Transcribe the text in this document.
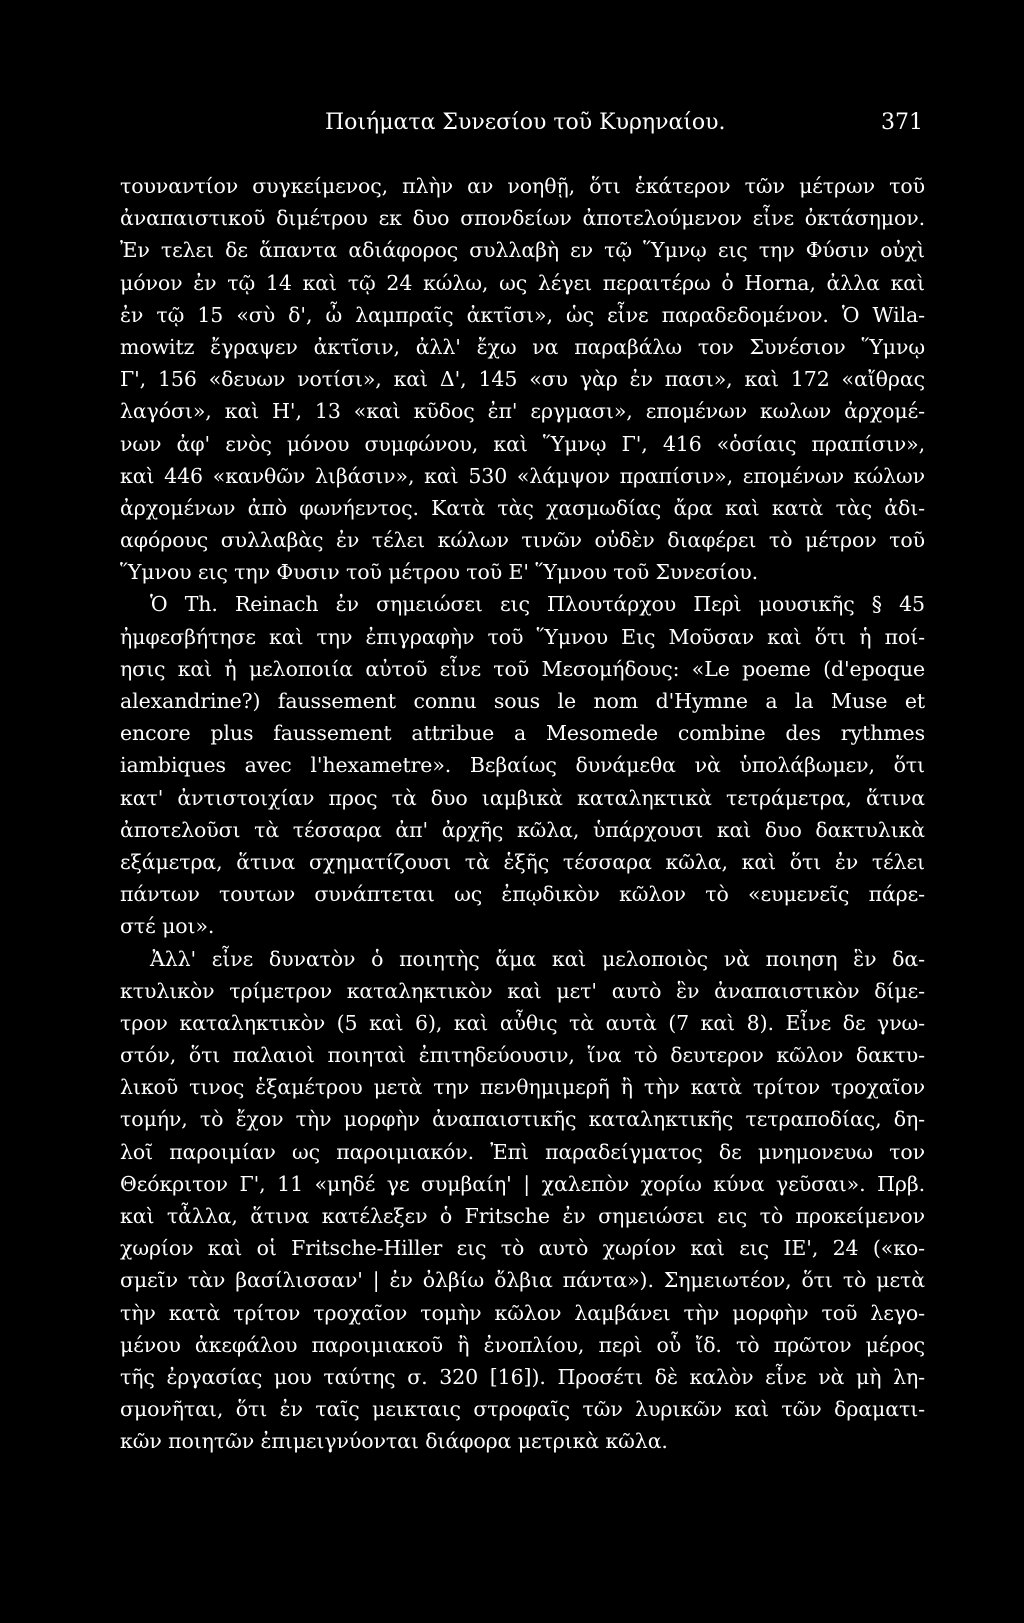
Ποιήματα Συνεσίου τοῦ Κυρηναίου.	371
τουναντίον συγκείμενος, πλὴν αν νοηθῇ, ὅτι ἑκάτερον τῶν μέτρων τοῦ
ἀναπαιστικοῦ διμέτρου εκ δυο σπονδείων ἀποτελούμενον εἶνε ὀκτάσημον.
Ἐν τελει δε ἅπαντα αδιάφορος συλλαβὴ εν τῷ Ὕμνῳ εις την Φύσιν οὐχὶ
μόνον ἐν τῷ 14 καὶ τῷ 24 κώλω, ως λέγει περαιτέρω ὁ Horna, ἀλλα καὶ
ἐν τῷ 15 «σὺ δ', ὦ λαμπραῖς ἀκτῖσι», ὡς εἶνε παραδεδομένον. Ὁ Wila-
mowitz ἔγραψεν ἀκτῖσιν, ἀλλ' ἔχω να παραβάλω τον Συνέσιον Ὕμνῳ
Γ', 156 «δευων νοτίσι», καὶ Δ', 145 «συ γὰρ ἐν πασι», καὶ 172 «αἴθρας
λαγόσι», καὶ Η', 13 «καὶ κῦδος ἐπ' εργμασι», επομένων κωλων ἀρχομέ-
νων ἀφ' ενὸς μόνου συμφώνου, καὶ Ὕμνῳ Γ', 416 «ὁσίαις πραπίσιν»,
καὶ 446 «κανθῶν λιβάσιν», καὶ 530 «λάμψον πραπίσιν», επομένων κώλων
ἀρχομένων ἀπὸ φωνήεντος. Κατὰ τὰς χασμωδίας ἄρα καὶ κατὰ τὰς ἀδι-
αφόρους συλλαβὰς ἐν τέλει κώλων τινῶν οὐδὲν διαφέρει τὸ μέτρον τοῦ
Ὕμνου εις την Φυσιν τοῦ μέτρου τοῦ Ε' Ὕμνου τοῦ Συνεσίου.
Ὁ Th. Reinach ἐν σημειώσει εις Πλουτάρχου Περὶ μουσικῆς § 45
ἠμφεσβήτησε καὶ την ἐπιγραφὴν τοῦ Ὕμνου Εις Μοῦσαν καὶ ὅτι ἡ ποί-
ησις καὶ ἡ μελοποιία αὐτοῦ εἶνε τοῦ Μεσομήδους: «Le poeme (d'epoque
alexandrine?) faussement connu sous le nom d'Hymne a la Muse et
encore plus faussement attribue a Mesomede combine des rythmes
iambiques avec l'hexametre». Βεβαίως δυνάμεθα νὰ ὑπολάβωμεν, ὅτι
κατ' ἀντιστοιχίαν προς τὰ δυο ιαμβικὰ καταληκτικὰ τετράμετρα, ἅτινα
ἀποτελοῦσι τὰ τέσσαρα ἀπ' ἀρχῆς κῶλα, ὑπάρχουσι καὶ δυο δακτυλικὰ
εξάμετρα, ἅτινα σχηματίζουσι τὰ ἑξῆς τέσσαρα κῶλα, καὶ ὅτι ἐν τέλει
πάντων τουτων συνάπτεται ως ἐπῳδικὸν κῶλον τὸ «ευμενεῖς πάρε-
στέ μοι».
Ἀλλ' εἶνε δυνατὸν ὁ ποιητὴς ἅμα καὶ μελοποιὸς νὰ ποιηση ἓν δα-
κτυλικὸν τρίμετρον καταληκτικὸν καὶ μετ' αυτὸ ἓν ἀναπαιστικὸν δίμε-
τρον καταληκτικὸν (5 καὶ 6), καὶ αὖθις τὰ αυτὰ (7 καὶ 8). Εἶνε δε γνω-
στόν, ὅτι παλαιοὶ ποιηταὶ ἐπιτηδεύουσιν, ἵνα τὸ δευτερον κῶλον δακτυ-
λικοῦ τινος ἑξαμέτρου μετὰ την πενθημιμερῆ ἢ τὴν κατὰ τρίτον τροχαῖον
τομήν, τὸ ἔχον τὴν μορφὴν ἀναπαιστικῆς καταληκτικῆς τετραποδίας, δη-
λοῖ παροιμίαν ως παροιμιακόν. Ἐπὶ παραδείγματος δε μνημονευω τον
Θεόκριτον Γ', 11 «μηδέ γε συμβαίη' | χαλεπὸν χορίω κύνα γεῦσαι». Πρβ.
καὶ τἆλλα, ἅτινα κατέλεξεν ὁ Fritsche ἐν σημειώσει εις τὸ προκείμενον
χωρίον καὶ οἱ Fritsche-Hiller εις τὸ αυτὸ χωρίον καὶ εις ΙΕ', 24 («κο-
σμεῖν τὰν βασίλισσαν' | ἐν ὀλβίω ὄλβια πάντα»). Σημειωτέον, ὅτι τὸ μετὰ
τὴν κατὰ τρίτον τροχαῖον τομὴν κῶλον λαμβάνει τὴν μορφὴν τοῦ λεγο-
μένου ἀκεφάλου παροιμιακοῦ ἢ ἐνοπλίου, περὶ οὗ ἴδ. τὸ πρῶτον μέρος
τῆς ἐργασίας μου ταύτης σ. 320 [16]). Προσέτι δὲ καλὸν εἶνε νὰ μὴ λη-
σμονῆται, ὅτι ἐν ταῖς μεικταις στροφαῖς τῶν λυρικῶν καὶ τῶν δραματι-
κῶν ποιητῶν ἐπιμειγνύονται διάφορα μετρικὰ κῶλα.
